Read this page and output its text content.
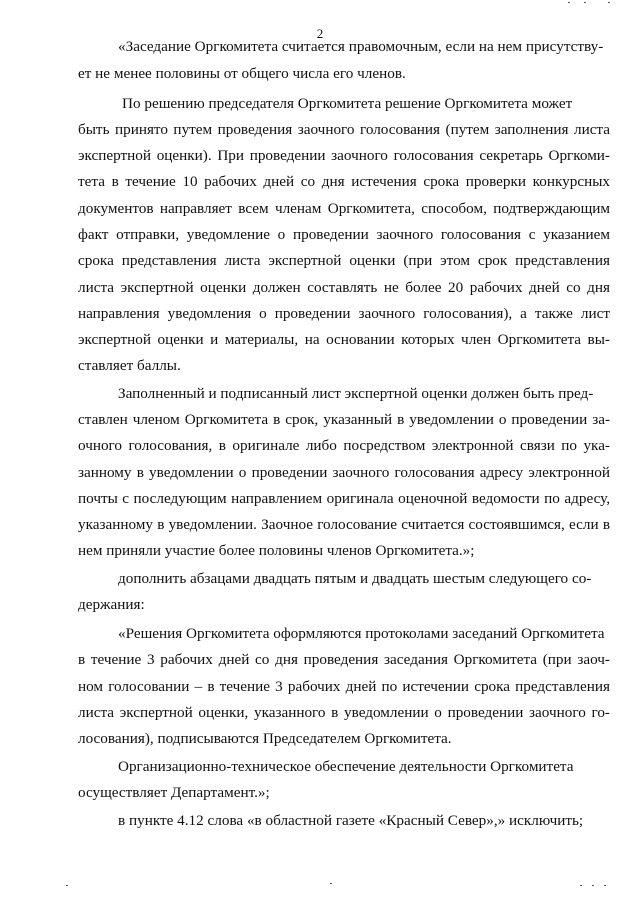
2
«Заседание Оргкомитета считается правомочным, если на нем присутству-
ет не менее половины от общего числа его членов.
По решению председателя Оргкомитета решение Оргкомитета может
быть принято путем проведения заочного голосования (путем заполнения листа
экспертной оценки). При проведении заочного голосования секретарь Оргкоми-
тета в течение 10 рабочих дней со дня истечения срока проверки конкурсных
документов направляет всем членам Оргкомитета, способом, подтверждающим
факт отправки, уведомление о проведении заочного голосования с указанием
срока представления листа экспертной оценки (при этом срок представления
листа экспертной оценки должен составлять не более 20 рабочих дней со дня
направления уведомления о проведении заочного голосования), а также лист
экспертной оценки и материалы, на основании которых член Оргкомитета вы-
ставляет баллы.
Заполненный и подписанный лист экспертной оценки должен быть пред-
ставлен членом Оргкомитета в срок, указанный в уведомлении о проведении за-
очного голосования, в оригинале либо посредством электронной связи по ука-
занному в уведомлении о проведении заочного голосования адресу электронной
почты с последующим направлением оригинала оценочной ведомости по адресу,
указанному в уведомлении. Заочное голосование считается состоявшимся, если в
нем приняли участие более половины членов Оргкомитета.»;
дополнить абзацами двадцать пятым и двадцать шестым следующего со-
держания:
«Решения Оргкомитета оформляются протоколами заседаний Оргкомитета
в течение 3 рабочих дней со дня проведения заседания Оргкомитета (при заоч-
ном голосовании – в течение 3 рабочих дней по истечении срока представления
листа экспертной оценки, указанного в уведомлении о проведении заочного го-
лосования), подписываются Председателем Оргкомитета.
Организационно-техническое обеспечение деятельности Оргкомитета
осуществляет Департамент.»;
в пункте 4.12 слова «в областной газете «Красный Север»,» исключить;
